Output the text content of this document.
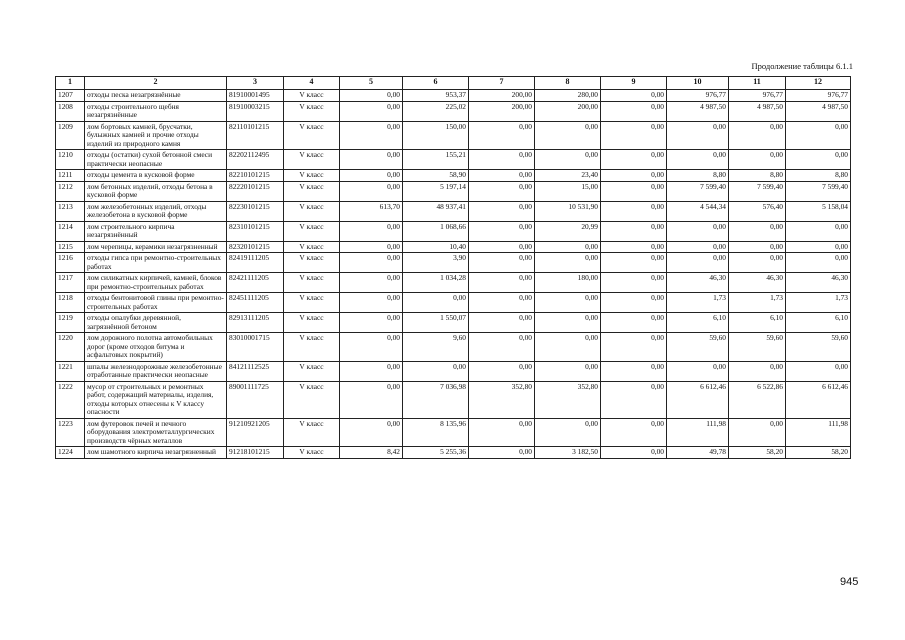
Продолжение таблицы 6.1.1
1	2	3	4	5	6	7	8	9	10	11	12
1207	отходы песка незагрязнённые	81910001495	V класс	0,00	953,37	200,00	280,00	0,00	976,77	976,77	976,77
1208	отходы строительного щебня незагрязнённые	81910003215	V класс	0,00	225,02	200,00	200,00	0,00	4 987,50	4 987,50	4 987,50
1209	лом бортовых камней, брусчатки, булыжных камней и прочие отходы изделий из природного камня	82110101215	V класс	0,00	150,00	0,00	0,00	0,00	0,00	0,00	0,00
1210	отходы (остатки) сухой бетонной смеси практически неопасные	82202112495	V класс	0,00	155,21	0,00	0,00	0,00	0,00	0,00	0,00
1211	отходы цемента в кусковой форме	82210101215	V класс	0,00	58,90	0,00	23,40	0,00	8,80	8,80	8,80
1212	лом бетонных изделий, отходы бетона в кусковой форме	82220101215	V класс	0,00	5 197,14	0,00	15,00	0,00	7 599,40	7 599,40	7 599,40
1213	лом железобетонных изделий, отходы железобетона в кусковой форме	82230101215	V класс	613,70	48 937,41	0,00	10 531,90	0,00	4 544,34	576,40	5 158,04
1214	лом строительного кирпича незагрязнённый	82310101215	V класс	0,00	1 068,66	0,00	20,99	0,00	0,00	0,00	0,00
1215	лом черепицы, керамики незагрязненный	82320101215	V класс	0,00	10,40	0,00	0,00	0,00	0,00	0,00	0,00
1216	отходы гипса при ремонтно-строительных работах	82419111205	V класс	0,00	3,90	0,00	0,00	0,00	0,00	0,00	0,00
1217	лом силикатных кирпичей, камней, блоков при ремонтно-строительных работах	82421111205	V класс	0,00	1 034,28	0,00	180,00	0,00	46,30	46,30	46,30
1218	отходы бентонитовой глины при ремонтно-строительных работах	82451111205	V класс	0,00	0,00	0,00	0,00	0,00	1,73	1,73	1,73
1219	отходы опалубки деревянной, загрязнённой бетоном	82913111205	V класс	0,00	1 550,07	0,00	0,00	0,00	6,10	6,10	6,10
1220	лом дорожного полотна автомобильных дорог (кроме отходов битума и асфальтовых покрытий)	83010001715	V класс	0,00	9,60	0,00	0,00	0,00	59,60	59,60	59,60
1221	шпалы железнодорожные железобетонные отработанные практически неопасные	84121112525	V класс	0,00	0,00	0,00	0,00	0,00	0,00	0,00	0,00
1222	мусор от строительных и ремонтных работ, содержащий материалы, изделия, отходы которых отнесены к V классу опасности	89001111725	V класс	0,00	7 036,98	352,80	352,80	0,00	6 612,46	6 522,86	6 612,46
1223	лом футеровок печей и печного оборудования электрометаллургических производств чёрных металлов	91210921205	V класс	0,00	8 135,96	0,00	0,00	0,00	111,98	0,00	111,98
1224	лом шамотного кирпича незагрязненный	91218101215	V класс	8,42	5 255,36	0,00	3 182,50	0,00	49,78	58,20	58,20
945
